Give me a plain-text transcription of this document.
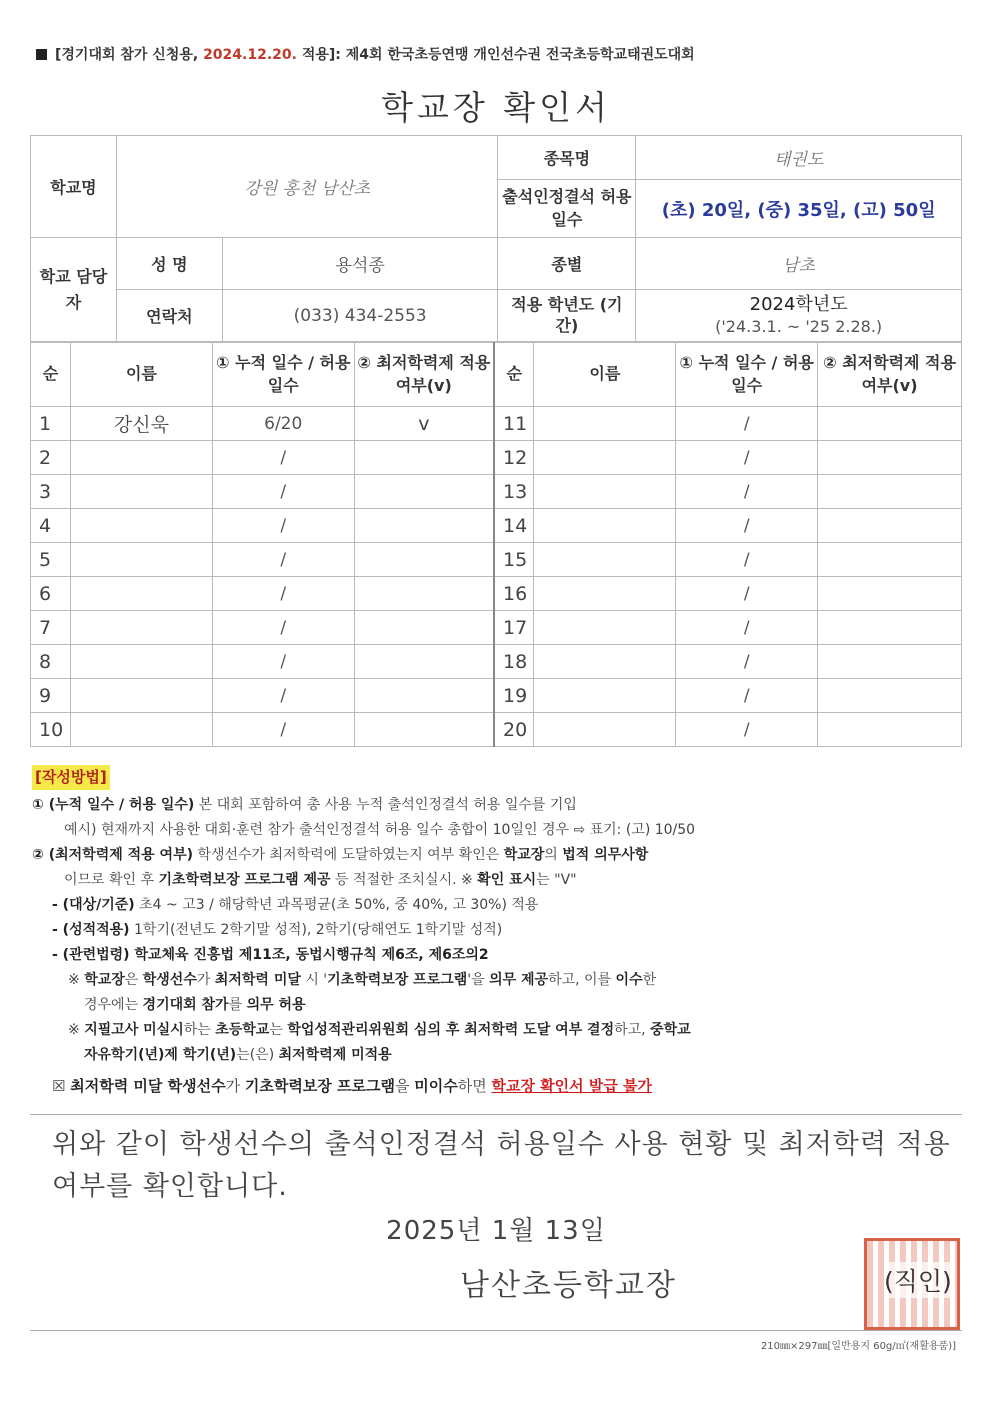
[경기대회 참가 신청용, 2024.12.20. 적용]: 제4회 한국초등연맹 개인선수권 전국초등학교태권도대회
학교장 확인서
학교명	강원 홍천 남산초		종목명	태권도
			출석인정결석 허용 일수	(초) 20일, (중) 35일, (고) 50일
학교 담당자	성 명	용석종	종별	남초
	연락처	(033) 434-2553	적용 학년도 (기간)	2024학년도
('24.3.1. ~ '25 2.28.)
순	이름	① 누적 일수 / 허용 일수	② 최저학력제 적용 여부(v)	순	이름	① 누적 일수 / 허용 일수	② 최저학력제 적용 여부(v)
1	강신욱	6/20	v	11		/	
2		/		12		/	
3		/		13		/	
4		/		14		/	
5		/		15		/	
6		/		16		/	
7		/		17		/	
8		/		18		/	
9		/		19		/	
10		/		20		/	
[작성방법]
① (누적 일수 / 허용 일수) 본 대회 포함하여 총 사용 누적 출석인정결석 허용 일수를 기입
예시) 현재까지 사용한 대회·훈련 참가 출석인정결석 허용 일수 총합이 10일인 경우 ⇨ 표기: (고) 10/50
② (최저학력제 적용 여부) 학생선수가 최저학력에 도달하였는지 여부 확인은 학교장의 법적 의무사항
이므로 확인 후 기초학력보장 프로그램 제공 등 적절한 조치실시. ※ 확인 표시는 "V"
- (대상/기준) 초4 ~ 고3 / 해당학년 과목평균(초 50%, 중 40%, 고 30%) 적용
- (성적적용) 1학기(전년도 2학기말 성적), 2학기(당해연도 1학기말 성적)
- (관련법령) 학교체육 진흥법 제11조, 동법시행규칙 제6조, 제6조의2
※ 학교장은 학생선수가 최저학력 미달 시 '기초학력보장 프로그램'을 의무 제공하고, 이를 이수한
경우에는 경기대회 참가를 의무 허용
※ 지필고사 미실시하는 초등학교는 학업성적관리위원회 심의 후 최저학력 도달 여부 결정하고, 중학교
자유학기(년)제 학기(년)는(은) 최저학력제 미적용
☒ 최저학력 미달 학생선수가 기초학력보장 프로그램을 미이수하면 학교장 확인서 발급 불가
위와 같이 학생선수의 출석인정결석 허용일수 사용 현황 및 최저학력 적용 여부를 확인합니다.
2025년 1월 13일
남산초등학교장	(직인)
210㎜×297㎜[일반용지 60g/㎡(재활용품)]
